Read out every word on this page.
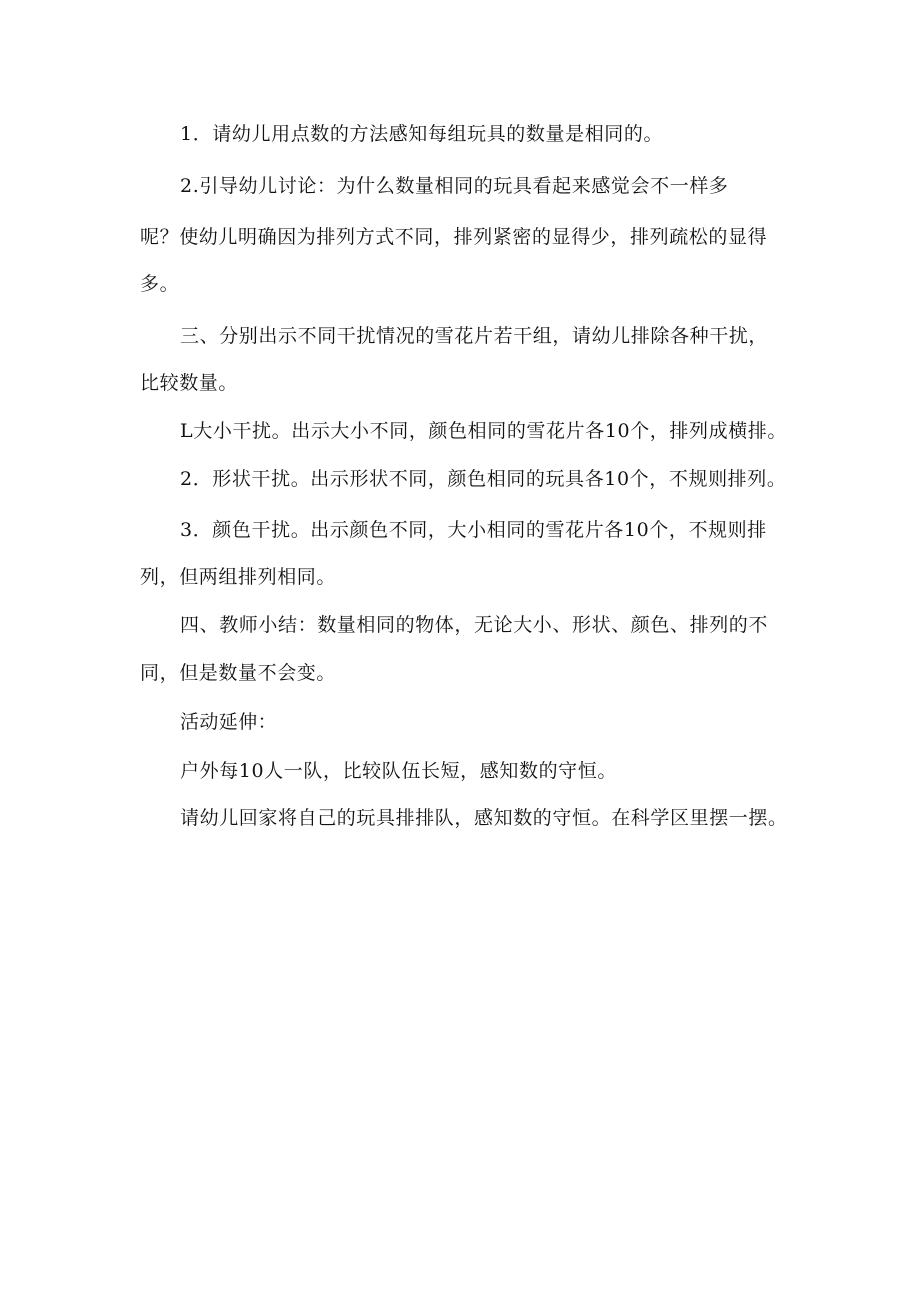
1．请幼儿用点数的方法感知每组玩具的数量是相同的。
2.引导幼儿讨论：为什么数量相同的玩具看起来感觉会不一样多
呢？使幼儿明确因为排列方式不同，排列紧密的显得少，排列疏松的显得
多。
三、分别出示不同干扰情况的雪花片若干组，请幼儿排除各种干扰，
比较数量。
L大小干扰。出示大小不同，颜色相同的雪花片各10个，排列成横排。
2．形状干扰。出示形状不同，颜色相同的玩具各10个，不规则排列。
3．颜色干扰。出示颜色不同，大小相同的雪花片各10个，不规则排
列，但两组排列相同。
四、教师小结：数量相同的物体，无论大小、形状、颜色、排列的不
同，但是数量不会变。
活动延伸：
户外每10人一队，比较队伍长短，感知数的守恒。
请幼儿回家将自己的玩具排排队，感知数的守恒。在科学区里摆一摆。
